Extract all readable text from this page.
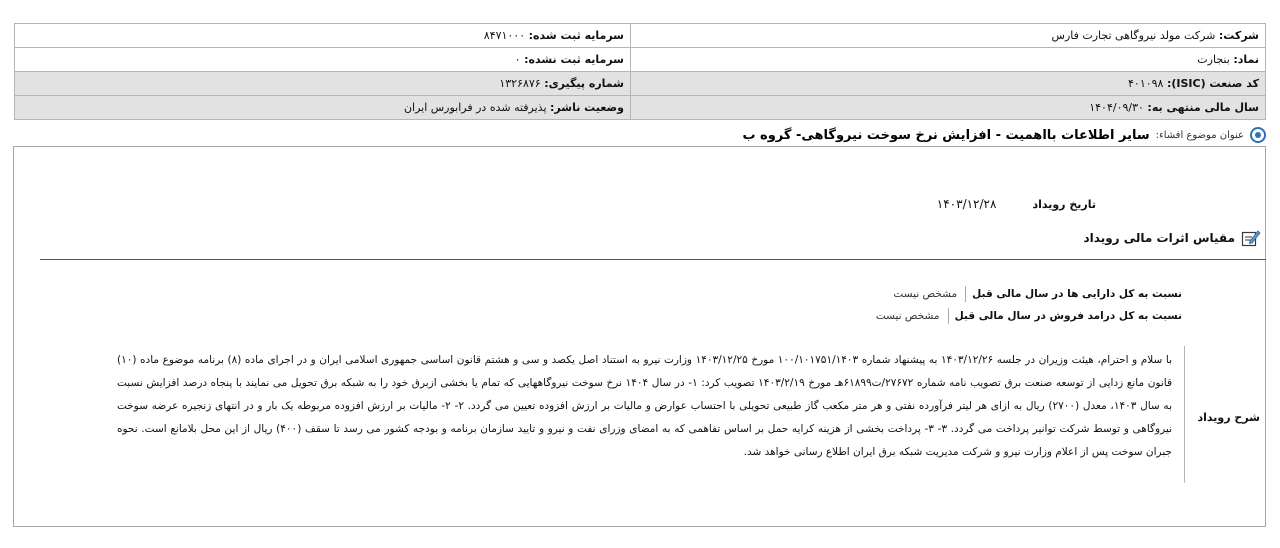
شرکت: شرکت مولد نیروگاهی تجارت فارس	سرمایه ثبت شده: ۸۴۷۱۰۰۰
نماد: بنجارت	سرمایه ثبت نشده: ۰
کد صنعت (ISIC): ۴۰۱۰۹۸	شماره پیگیری: ۱۳۲۶۸۷۶
سال مالی منتهی به: ۱۴۰۴/۰۹/۳۰	وضعیت ناشر: پذیرفته شده در فرابورس ایران
عنوان موضوع افشاء:
سایر اطلاعات بااهمیت - افزایش نرخ سوخت نیروگاهی- گروه ب
تاریخ رویداد
۱۴۰۳/۱۲/۲۸
مقیاس اثرات مالی رویداد
نسبت به کل دارایی ها در سال مالی قبل
مشخص نیست
نسبت به کل درامد فروش در سال مالی قبل
مشخص نیست
شرح رویداد
با سلام و احترام، هیئت وزیران در جلسه ۱۴۰۳/۱۲/۲۶ به پیشنهاد شماره ۱۰۰/۱۰۱۷۵۱/۱۴۰۳ مورخ ۱۴۰۳/۱۲/۲۵ وزارت نیرو به استناد اصل یکصد و سی و هشتم قانون اساسی جمهوری اسلامی ایران و در اجرای ماده (۸) برنامه موضوع ماده (۱۰) قانون مانع زدایی از توسعه صنعت برق تصویب نامه شماره ۲۷۶۷۲/ت۶۱۸۹۹هـ مورخ ۱۴۰۳/۲/۱۹ تصویب کرد: ۱- در سال ۱۴۰۴ نرخ سوخت نیروگاههایی که تمام یا بخشی ازبرق خود را به شبکه برق تحویل می نمایند با پنجاه درصد افزایش نسبت به سال ۱۴۰۳، معدل (۲۷۰۰) ریال به ازای هر لیتر فرآورده نفتی و هر متر مکعب گاز طبیعی تحویلی با احتساب عوارض و مالیات بر ارزش افزوده تعیین می گردد. ۲- ۲- مالیات بر ارزش افزوده مربوطه یک بار و در انتهای زنجیره عرضه سوخت نیروگاهی و توسط شرکت توانیر پرداخت می گردد. ۳- ۳- پرداخت بخشی از هزینه کرایه حمل بر اساس تفاهمی که به امضای وزرای نفت و نیرو و تایید سازمان برنامه و بودجه کشور می رسد تا سقف (۴۰۰) ریال از این محل بلامانع است. نحوه جبران سوخت پس از اعلام وزارت نیرو و شرکت مدیریت شبکه برق ایران اطلاع رسانی خواهد شد.
